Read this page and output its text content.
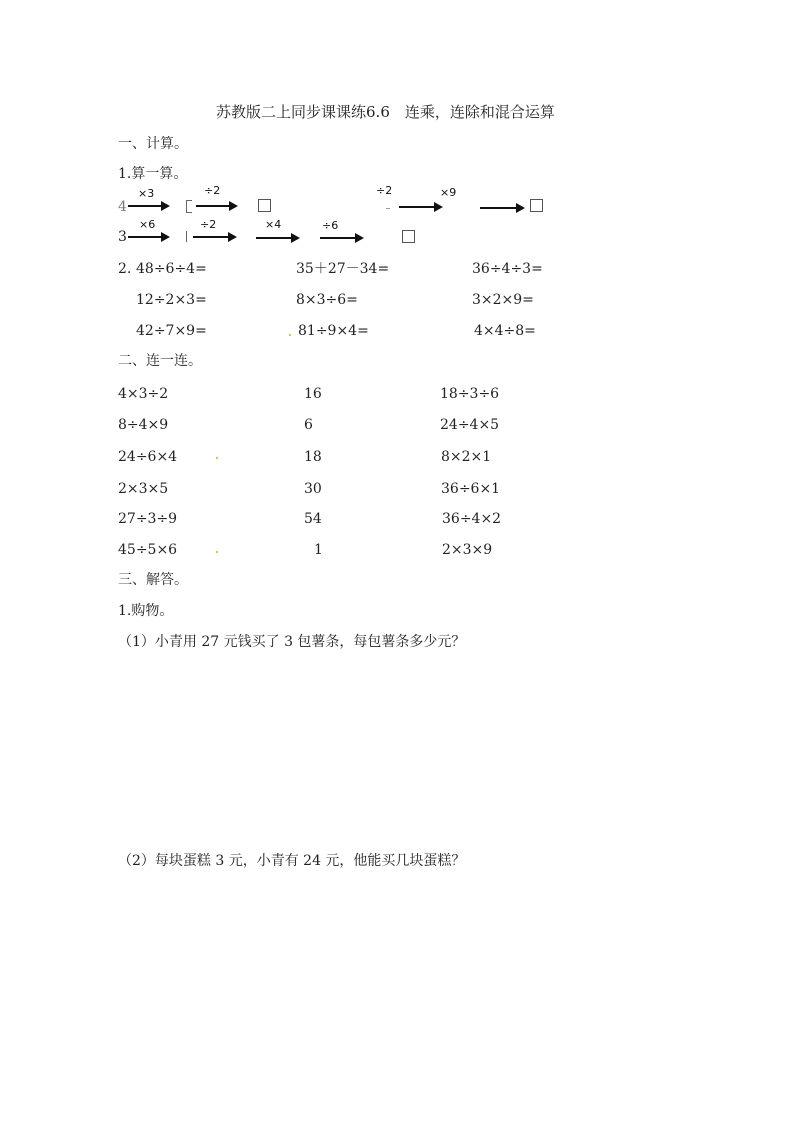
苏教版二上同步课课练6.6　连乘，连除和混合运算
一、计算。
1.算一算。
4
×3	÷2	÷2	×9
3
×6	÷2	×4	÷6
2. 48÷6÷4=	35＋27－34=	36÷4÷3=
12÷2×3=	8×3÷6=	3×2×9=
42÷7×9=	81÷9×4=	4×4÷8=
二、连一连。
4×3÷2	16	18÷3÷6
8÷4×9	6	24÷4×5
24÷6×4	18	8×2×1
2×3×5	30	36÷6×1
27÷3÷9	54	36÷4×2
45÷5×6	1	2×3×9
三、解答。
1.购物。
（1）小青用 27 元钱买了 3 包薯条，每包薯条多少元？
（2）每块蛋糕 3 元，小青有 24 元，他能买几块蛋糕？
